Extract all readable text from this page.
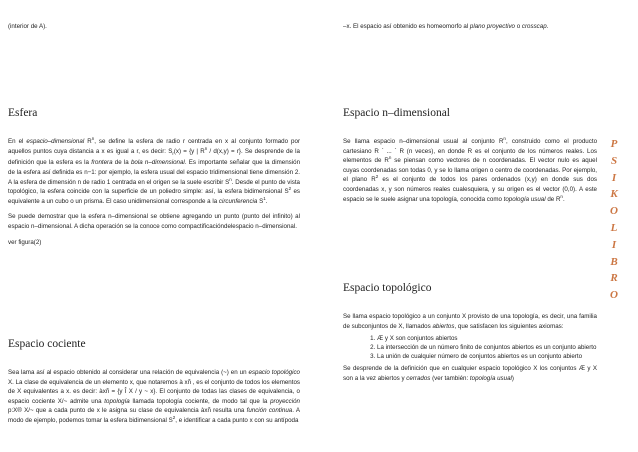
(interior de A).
Esfera

En el espacio–dimensional $R^n$, se define la esfera de radio r centrada en x al conjunto formado por aquellos puntos cuya distancia a x es igual a r, es decir: $S_r(x) = \{y$ | $R^n / d(x,y) = r$}. Se desprende de la definición que la esfera es la frontera de la bola n–dimensional. Es importante señalar que la dimensión de la esfera así definida es n−1: por ejemplo, la esfera usual del espacio tridimensional tiene dimensión 2. A la esfera de dimensión n de radio 1 centrada en el origen se la suele escribir $S^n$. Desde el punto de vista topológico, la esfera coincide con la superficie de un poliedro simple: así, la esfera bidimensional $S^2$ es equivalente a un cubo o un prisma. El caso unidimensional corresponde a la circunferencia $S^1$.

Se puede demostrar que la esfera n–dimensional se obtiene agregando un punto (punto del infinito) al espacio n–dimensional. A dicha operación se la conoce como compactificacióndelespacio n–dimensional.

ver figura(2)

Espacio cociente

Sea lama así al espacio obtenido al considerar una relación de equivalencia (~) en un espacio topológico X. La clase de equivalencia de un elemento x, que notaremos à xñ , es el conjunto de todos los elementos de X equivalentes a x. es decir: àxñ = {y Î X / y ~ x}. El conjunto de todas las clases de equivalencia, o espacio cociente X/~ admite una topología llamada topología cociente, de modo tal que la proyección p:X® X/~ que a cada punto de x le asigna su clase de equivalencia àxñ resulta una función continua. A modo de ejemplo, podemos tomar la esfera bidimensional $S^2$, e identificar a cada punto x con su antípoda

–x. El espacio así obtenido es homeomorfo al plano proyectivo o crosscap.
Espacio n–dimensional

Se llama espacio n–dimensional usual al conjunto $R^n$, construido como el producto cartesiano R ´ ... ´ R (n veces), en donde R es el conjunto de los números reales. Los elementos de $R^n$ se piensan como vectores de n coordenadas. El vector nulo es aquel cuyas coordenadas son todas 0, y se lo llama origen o centro de coordenadas. Por ejemplo, el plano $R^2$ es el conjunto de todos los pares ordenados (x,y) en donde sus dos coordenadas x, y son números reales cualesquiera, y su origen es el vector (0,0). A este espacio se le suele asignar una topología, conocida como topología usual de $R^n$.

Espacio topológico

Se llama espacio topológico a un conjunto X provisto de una topología, es decir, una familia de subconjuntos de X, llamados abiertos, que satisfacen los siguientes axiomas:

1. Æ y X son conjuntos abiertos
2. La intersección de un número finito de conjuntos abiertos es un conjunto abierto
3. La unión de cualquier número de conjuntos abiertos es un conjunto abierto

Se desprende de la definición que en cualquier espacio topológico X los conjuntos Æ y X son a la vez abiertos y cerrados (ver también: topología usual)

P
S
I
K
O
L
I
B
R
O
